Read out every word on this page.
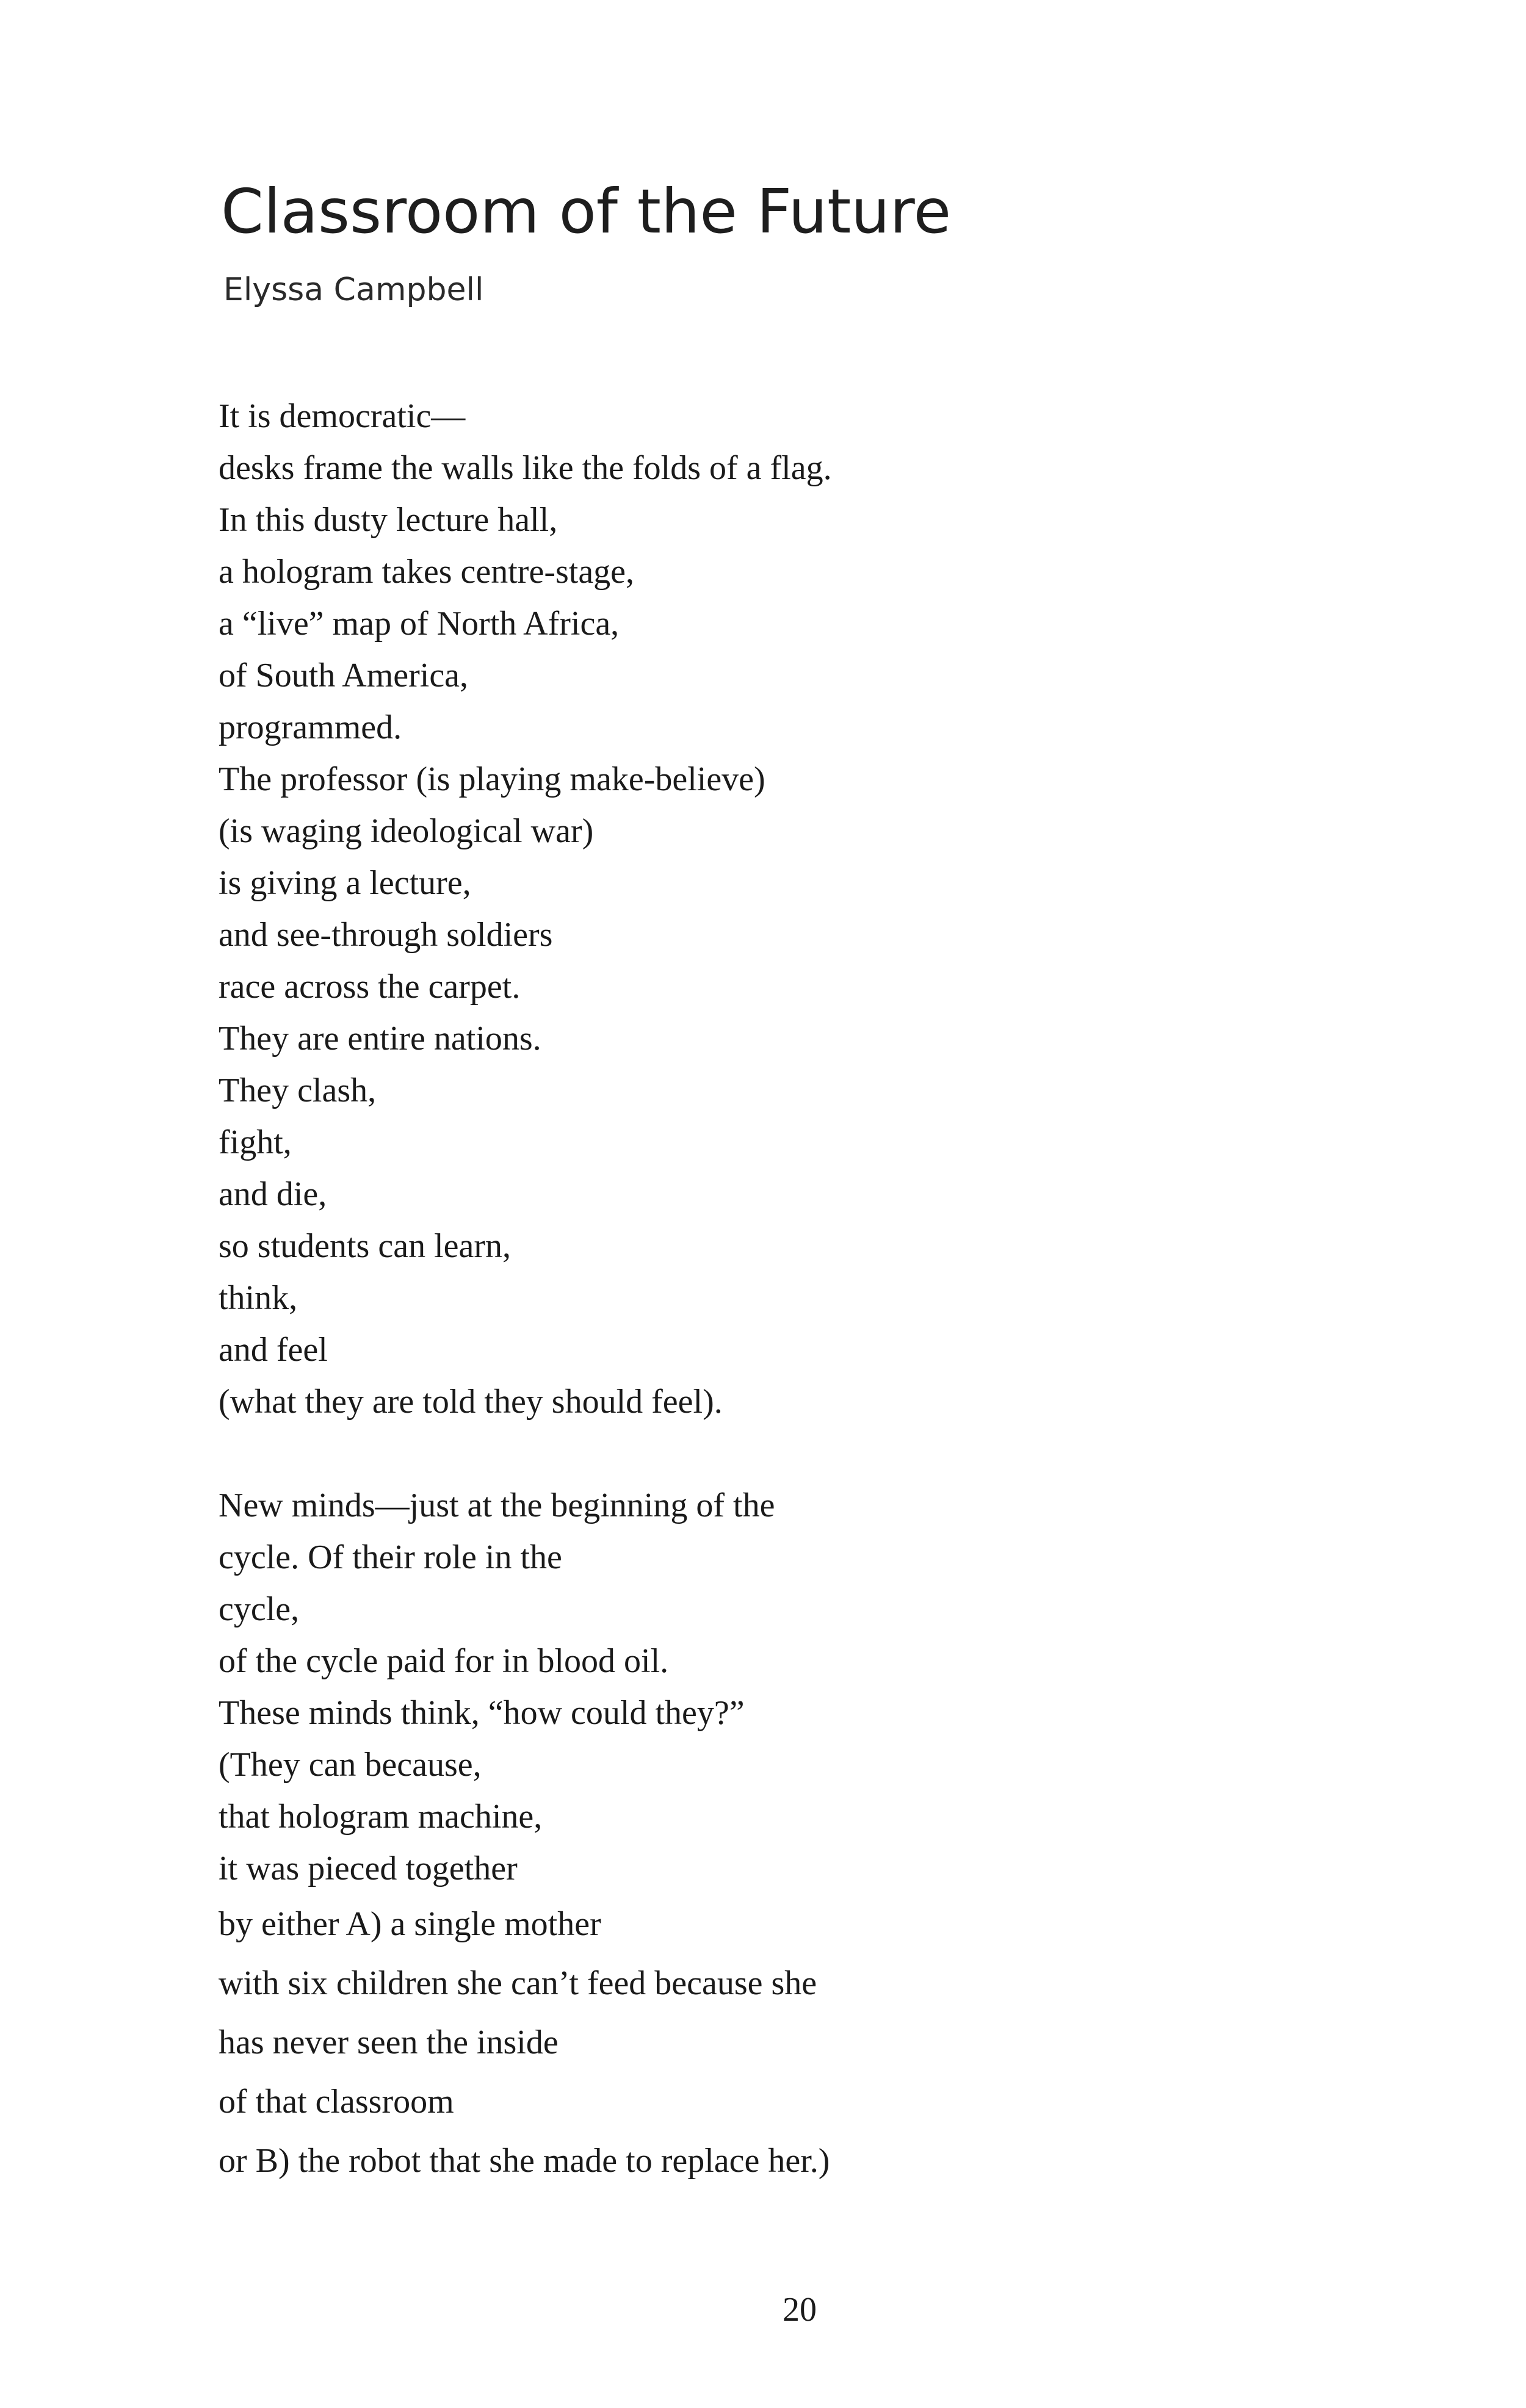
Classroom of the Future

Elyssa Campbell

It is democratic—
desks frame the walls like the folds of a flag.
In this dusty lecture hall,
a hologram takes centre-stage,
a “live” map of North Africa,
of South America,
programmed.
The professor (is playing make-believe)
(is waging ideological war)
is giving a lecture,
and see-through soldiers
race across the carpet.
They are entire nations.
They clash,
fight,
and die,
so students can learn,
think,
and feel
(what they are told they should feel).
New minds—just at the beginning of the
cycle. Of their role in the
cycle,
of the cycle paid for in blood oil.
These minds think, “how could they?”
(They can because,
that hologram machine,
it was pieced together
by either A) a single mother
with six children she can’t feed because she
has never seen the inside
of that classroom
or B) the robot that she made to replace her.)

20
